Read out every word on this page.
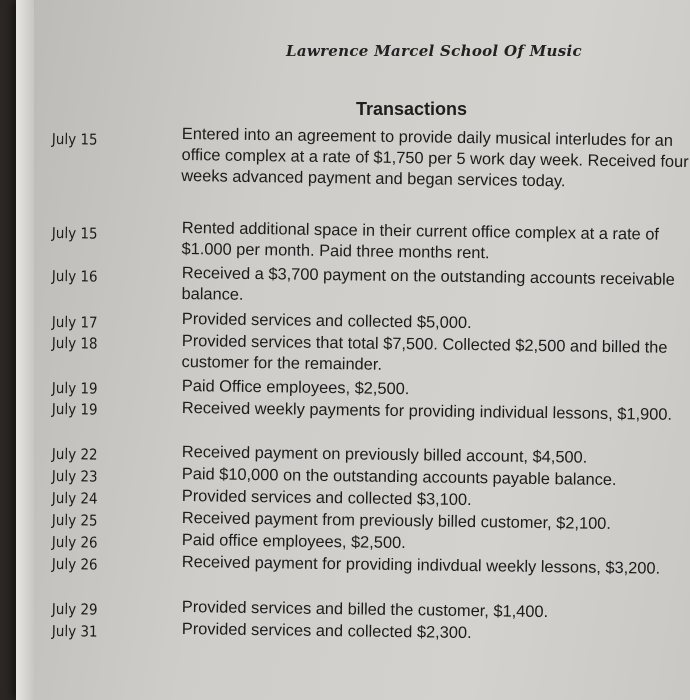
Lawrence Marcel School Of Music
Transactions
July 15
July 15
July 16
July 17
July 18
July 19
July 19
July 22
July 23
July 24
July 25
July 26
July 26
July 29
July 31
Entered into an agreement to provide daily musical interludes for an office complex at a rate of $1,750 per 5 work day week. Received four weeks advanced payment and began services today.
Rented additional space in their current office complex at a rate of $1.000 per month. Paid three months rent.
Received a $3,700 payment on the outstanding accounts receivable balance.
Provided services and collected $5,000.
Provided services that total $7,500. Collected $2,500 and billed the customer for the remainder.
Paid Office employees, $2,500.
Received weekly payments for providing individual lessons, $1,900.
Received payment on previously billed account, $4,500.
Paid $10,000 on the outstanding accounts payable balance.
Provided services and collected $3,100.
Received payment from previously billed customer, $2,100.
Paid office employees, $2,500.
Received payment for providing indivdual weekly lessons, $3,200.
Provided services and billed the customer, $1,400.
Provided services and collected $2,300.
